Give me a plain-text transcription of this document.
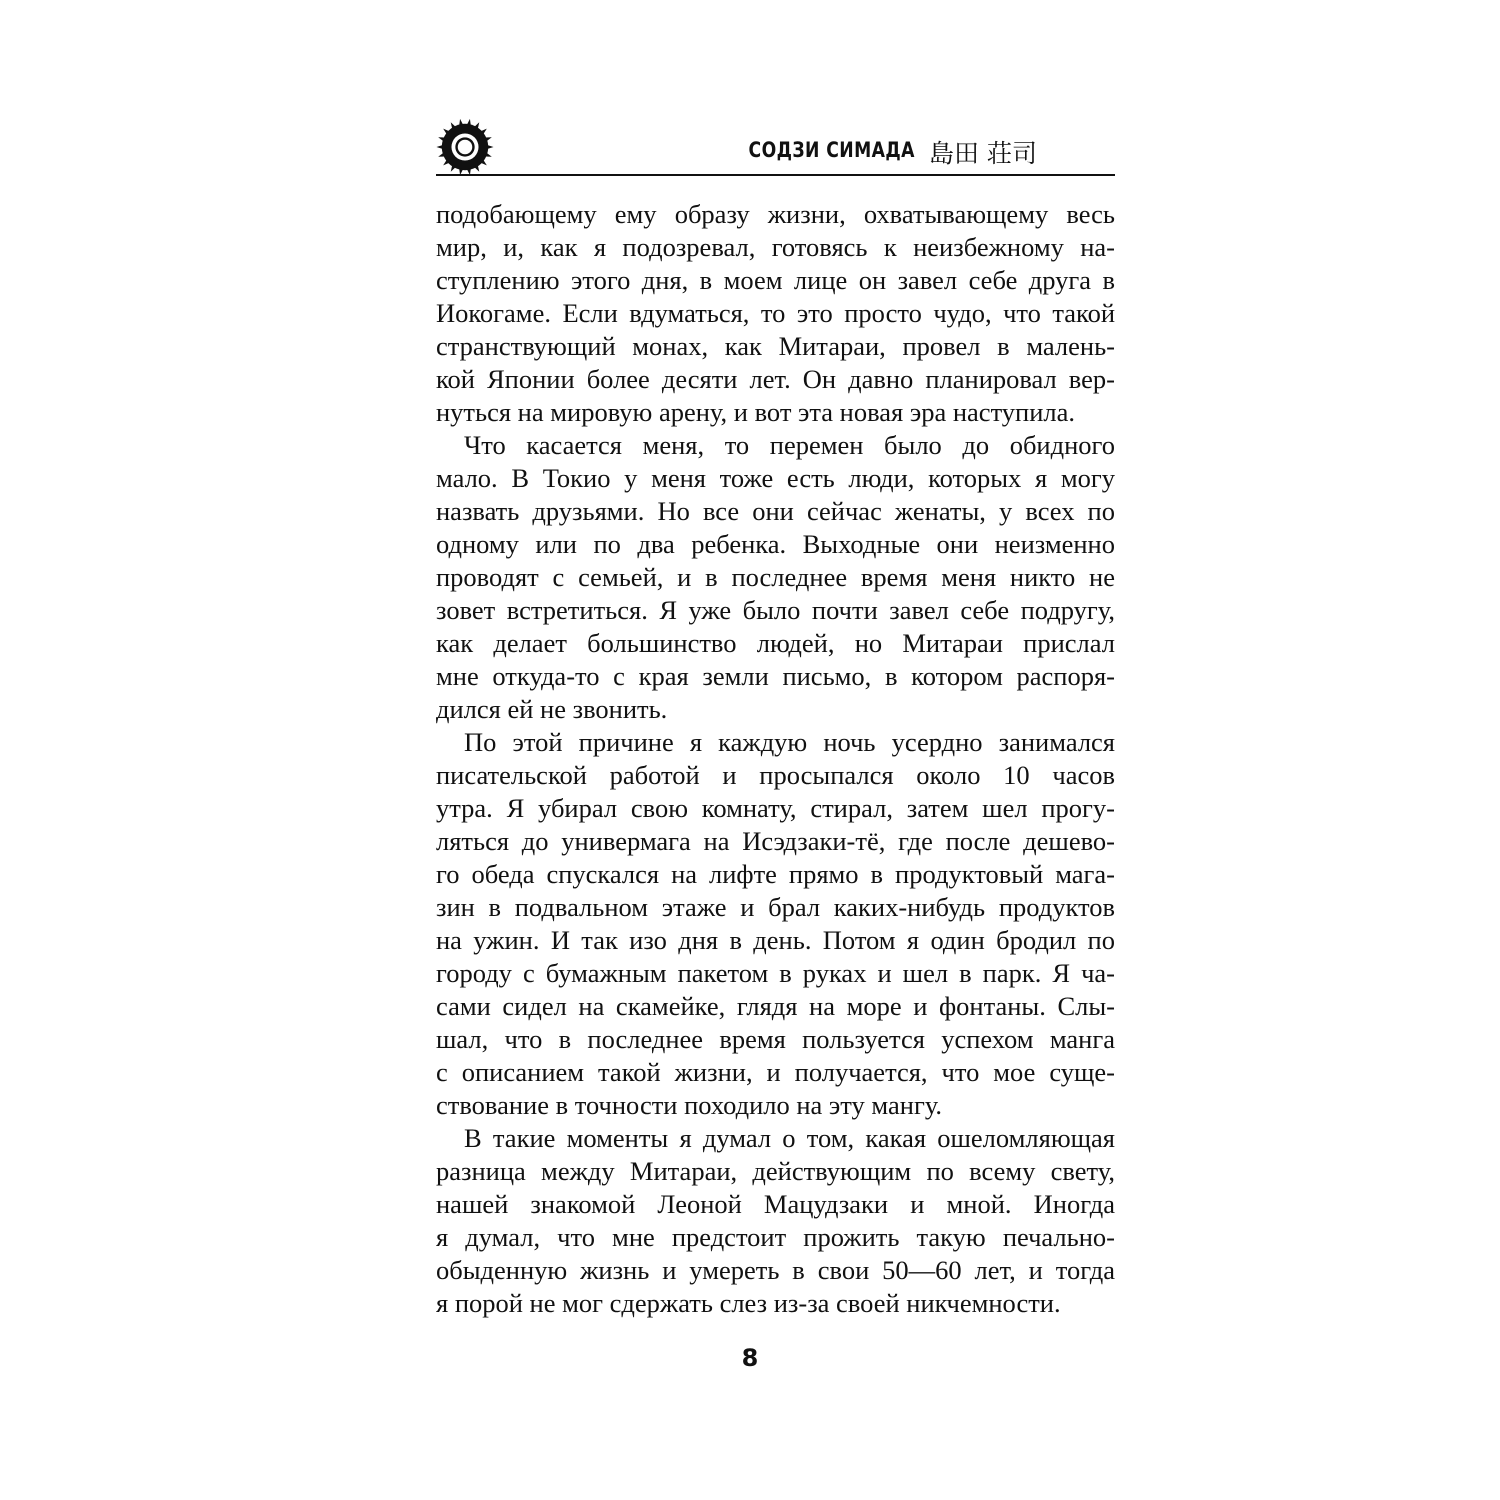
СОДЗИ СИМАДА 島田 荘司
подобающему ему образу жизни, охватывающему весь
мир, и, как я подозревал, готовясь к неизбежному на-
ступлению этого дня, в моем лице он завел себе друга в
Иокогаме. Если вдуматься, то это просто чудо, что такой
странствующий монах, как Митараи, провел в малень-
кой Японии более десяти лет. Он давно планировал вер-
нуться на мировую арену, и вот эта новая эра наступила.
Что касается меня, то перемен было до обидного
мало. В Токио у меня тоже есть люди, которых я могу
назвать друзьями. Но все они сейчас женаты, у всех по
одному или по два ребенка. Выходные они неизменно
проводят с семьей, и в последнее время меня никто не
зовет встретиться. Я уже было почти завел себе подругу,
как делает большинство людей, но Митараи прислал
мне откуда-то с края земли письмо, в котором распоря-
дился ей не звонить.
По этой причине я каждую ночь усердно занимался
писательской работой и просыпался около 10 часов
утра. Я убирал свою комнату, стирал, затем шел прогу-
ляться до универмага на Исэдзаки-тё, где после дешево-
го обеда спускался на лифте прямо в продуктовый мага-
зин в подвальном этаже и брал каких-нибудь продуктов
на ужин. И так изо дня в день. Потом я один бродил по
городу с бумажным пакетом в руках и шел в парк. Я ча-
сами сидел на скамейке, глядя на море и фонтаны. Слы-
шал, что в последнее время пользуется успехом манга
с описанием такой жизни, и получается, что мое суще-
ствование в точности походило на эту мангу.
В такие моменты я думал о том, какая ошеломляющая
разница между Митараи, действующим по всему свету,
нашей знакомой Леоной Мацудзаки и мной. Иногда
я думал, что мне предстоит прожить такую печально-
обыденную жизнь и умереть в свои 50—60 лет, и тогда
я порой не мог сдержать слез из-за своей никчемности.
8
